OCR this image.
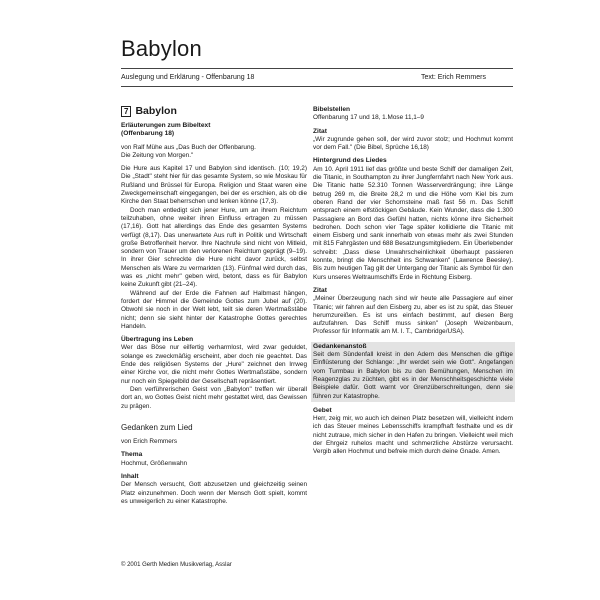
Babylon
Auslegung und Erklärung - Offenbarung 18	Text: Erich Remmers
7 Babylon
Erläuterungen zum Bibeltext
(Offenbarung 18)
von Ralf Mühe aus „Das Buch der Offenbarung.
Die Zeitung von Morgen."

Die Hure aus Kapitel 17 und Babylon sind identisch. (10; 19,2) Die „Stadt" steht hier für das gesamte System, so wie Moskau für Rußland und Brüssel für Europa. Religion und Staat waren eine Zweckgemeinschaft eingegangen, bei der es erschien, als ob die Kirche den Staat beherrschen und lenken könne (17,3).

Doch man entledigt sich jener Hure, um an ihrem Reichtum teilzuhaben, ohne weiter ihren Einfluss ertragen zu müssen (17,16). Gott hat allerdings das Ende des gesamten Systems verfügt (8,17). Das unerwartete Aus ruft in Politik und Wirtschaft große Betroffenheit hervor. Ihre Nachrufe sind nicht von Mitleid, sondern von Trauer um den verlorenen Reichtum geprägt (9–19). In ihrer Gier schreckte die Hure nicht davor zurück, selbst Menschen als Ware zu vermarkten (13). Fünfmal wird durch das, was es „nicht mehr" geben wird, betont, dass es für Babylon keine Zukunft gibt (21–24).

Während auf der Erde die Fahnen auf Halbmast hängen, fordert der Himmel die Gemeinde Gottes zum Jubel auf (20). Obwohl sie noch in der Welt lebt, teilt sie deren Wertmaßstäbe nicht; denn sie sieht hinter der Katastrophe Gottes gerechtes Handeln.

Übertragung ins Leben

Wer das Böse nur eilfertig verharmlost, wird zwar geduldet, solange es zweckmäßig erscheint, aber doch nie geachtet. Das Ende des religiösen Systems der „Hure" zeichnet den Irrweg einer Kirche vor, die nicht mehr Gottes Wertmaßstäbe, sondern nur noch ein Spiegelbild der Gesellschaft repräsentiert.

Den verführerischen Geist von „Babylon" treffen wir überall dort an, wo Gottes Geist nicht mehr gestattet wird, das Gewissen zu prägen.

Gedanken zum Lied
von Erich Remmers
Thema
Hochmut, Größenwahn
Inhalt

Der Mensch versucht, Gott abzusetzen und gleichzeitig seinen Platz einzunehmen. Doch wenn der Mensch Gott spielt, kommt es unweigerlich zu einer Katastrophe.

Bibelstellen
Offenbarung 17 und 18, 1.Mose 11,1–9
Zitat

„Wir zugrunde gehen soll, der wird zuvor stolz; und Hochmut kommt vor dem Fall." (Die Bibel, Sprüche 16,18)

Hintergrund des Liedes

Am 10. April 1911 lief das größte und beste Schiff der damaligen Zeit, die Titanic, in Southampton zu ihrer Jungfernfahrt nach New York aus. Die Titanic hatte 52.310 Tonnen Wasserverdrängung; ihre Länge betrug 269 m, die Breite 28,2 m und die Höhe vom Kiel bis zum oberen Rand der vier Schornsteine maß fast 56 m. Das Schiff entsprach einem elfstöckigen Gebäude. Kein Wunder, dass die 1.300 Passagiere an Bord das Gefühl hatten, nichts könne ihre Sicherheit bedrohen. Doch schon vier Tage später kollidierte die Titanic mit einem Eisberg und sank innerhalb von etwas mehr als zwei Stunden mit 815 Fahrgästen und 688 Besatzungsmitgliedern. Ein Überlebender schreibt: „Dass diese Unwahrscheinlichkeit überhaupt passieren konnte, bringt die Menschheit ins Schwanken" (Lawrence Beesley). Bis zum heutigen Tag gilt der Untergang der Titanic als Symbol für den Kurs unseres Weltraumschiffs Erde in Richtung Eisberg.

Zitat

„Meiner Überzeugung nach sind wir heute alle Passagiere auf einer Titanic; wir fahren auf den Eisberg zu, aber es ist zu spät, das Steuer herumzureißen. Es ist uns einfach bestimmt, auf diesen Berg aufzufahren. Das Schiff muss sinken" (Joseph Weizenbaum, Professor für Informatik am M. I. T., Cambridge/USA).

Gedankenanstoß

Seit dem Sündenfall kreist in den Adern des Menschen die giftige Einflüsterung der Schlange: „Ihr werdet sein wie Gott". Angefangen vom Turmbau in Babylon bis zu den Bemühungen, Menschen im Reagenzglas zu züchten, gibt es in der Menschheitsgeschichte viele Beispiele dafür. Gott warnt vor Grenzüberschreitungen, denn sie führen zur Katastrophe.

Gebet

Herr, zeig mir, wo auch ich deinen Platz besetzen will, vielleicht indem ich das Steuer meines Lebensschiffs krampfhaft festhalte und es dir nicht zutraue, mich sicher in den Hafen zu bringen. Vielleicht weil mich der Ehrgeiz ruhelos macht und schmerzliche Abstürze verursacht. Vergib allen Hochmut und befreie mich durch deine Gnade. Amen.

© 2001 Gerth Medien Musikverlag, Asslar
